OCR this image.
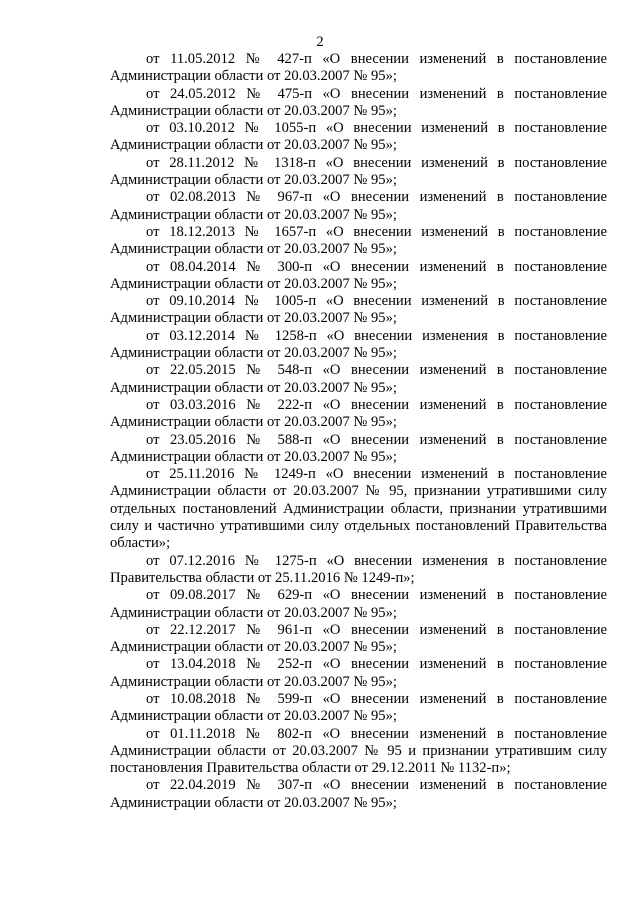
2

от 11.05.2012 № 427-п «О внесении изменений в постановление Администрации области от 20.03.2007 № 95»;

от 24.05.2012 № 475-п «О внесении изменений в постановление Администрации области от 20.03.2007 № 95»;

от 03.10.2012 № 1055-п «О внесении изменений в постановление Администрации области от 20.03.2007 № 95»;

от 28.11.2012 № 1318-п «О внесении изменений в постановление Администрации области от 20.03.2007 № 95»;

от 02.08.2013 № 967-п «О внесении изменений в постановление Администрации области от 20.03.2007 № 95»;

от 18.12.2013 № 1657-п «О внесении изменений в постановление Администрации области от 20.03.2007 № 95»;

от 08.04.2014 № 300-п «О внесении изменений в постановление Администрации области от 20.03.2007 № 95»;

от 09.10.2014 № 1005-п «О внесении изменений в постановление Администрации области от 20.03.2007 № 95»;

от 03.12.2014 № 1258-п «О внесении изменения в постановление Администрации области от 20.03.2007 № 95»;

от 22.05.2015 № 548-п «О внесении изменений в постановление Администрации области от 20.03.2007 № 95»;

от 03.03.2016 № 222-п «О внесении изменений в постановление Администрации области от 20.03.2007 № 95»;

от 23.05.2016 № 588-п «О внесении изменений в постановление Администрации области от 20.03.2007 № 95»;

от 25.11.2016 № 1249-п «О внесении изменений в постановление Администрации области от 20.03.2007 № 95, признании утратившими силу отдельных постановлений Администрации области, признании утратившими силу и частично утратившими силу отдельных постановлений Правительства области»;

от 07.12.2016 № 1275-п «О внесении изменения в постановление Правительства области от 25.11.2016 № 1249-п»;

от 09.08.2017 № 629-п «О внесении изменений в постановление Администрации области от 20.03.2007 № 95»;

от 22.12.2017 № 961-п «О внесении изменений в постановление Администрации области от 20.03.2007 № 95»;

от 13.04.2018 № 252-п «О внесении изменений в постановление Администрации области от 20.03.2007 № 95»;

от 10.08.2018 № 599-п «О внесении изменений в постановление Администрации области от 20.03.2007 № 95»;

от 01.11.2018 № 802-п «О внесении изменений в постановление Администрации области от 20.03.2007 № 95 и признании утратившим силу постановления Правительства области от 29.12.2011 № 1132-п»;

от 22.04.2019 № 307-п «О внесении изменений в постановление Администрации области от 20.03.2007 № 95»;
